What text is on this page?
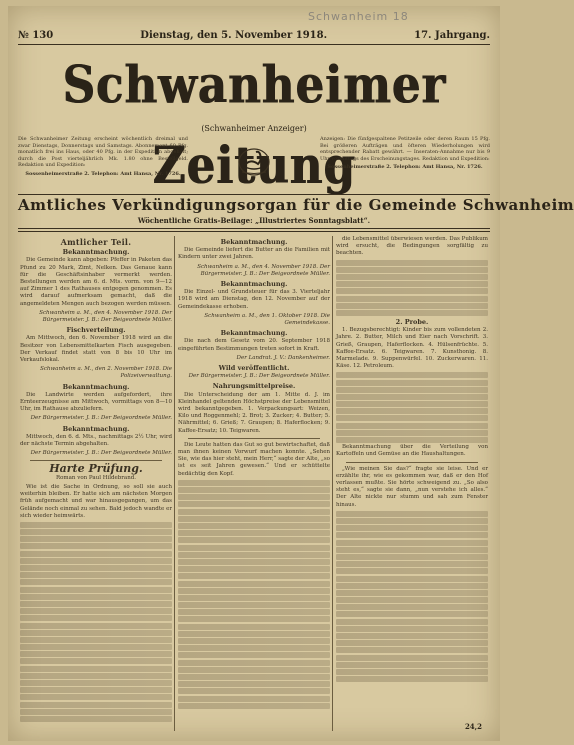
Schwanheim 18
№ 130	Dienstag, den 5. November 1918.	17. Jahrgang.
Schwanheimer Zeitung
(Schwanheimer Anzeiger)
Die Schwanheimer Zeitung erscheint wöchentlich dreimal und zwar Dienstags, Donnerstags und Samstags. Abonnement 60 Pfg. monatlich frei ins Haus, oder 40 Pfg. in der Expedition abgeholt; durch die Post vierteljährlich Mk. 1.80 ohne Bestellgeld. Redaktion und Expedition:
Sossenheimerstraße 2. Telephon: Amt Hansa, Nr. 1726.
Anzeigen: Die fünfgespaltene Petitzeile oder deren Raum 15 Pfg. Bei größeren Aufträgen und öfteren Wiederholungen wird entsprechender Rabatt gewährt. — Inseraten-Annahme nur bis 9 Uhr vormittags des Erscheinungstages. Redaktion und Expedition:
Sossenheimerstraße 2. Telephon: Amt Hansa, Nr. 1726.
Amtliches Verkündigungsorgan für die Gemeinde Schwanheim
Wöchentliche Gratis-Beilage: „Illustriertes Sonntagsblatt“.
Amtlicher Teil.
Bekanntmachung.

Die Gemeinde kann abgeben: Pfeffer in Paketen das Pfund zu 20 Mark, Zimt, Nelken. Das Genaue kann für die Geschäftsinhaber vermerkt werden. Bestellungen werden am 6. d. Mts. vorm. von 9—12 auf Zimmer 1 des Rathauses entgegen genommen. Es wird darauf aufmerksam gemacht, daß die angemeldeten Mengen auch bezogen werden müssen.

Schwanheim a. M., den 4. November 1918. Der Bürgermeister. J. B.: Der Beigeordnete Müller.
Fischverteilung.

Am Mittwoch, den 6. November 1918 wird an die Besitzer von Lebensmittelkarten Fisch ausgegeben. Der Verkauf findet statt von 8 bis 10 Uhr im Verkaufslokal.

Schwanheim a. M., den 2. November 1918. Die Polizeiverwaltung.
Bekanntmachung.

Die Landwirte werden aufgefordert, ihre Ernteerzeugnisse am Mittwoch, vormittags von 8—10 Uhr, im Rathause abzuliefern.

Der Bürgermeister. J. B.: Der Beigeordnete Müller.
Bekanntmachung.

Mittwoch, den 6. d. Mts., nachmittags 2½ Uhr, wird der nächste Termin abgehalten.

Der Bürgermeister. J. B.: Der Beigeordnete Müller.
Harte Prüfung.
Roman von Paul Hildebrand.

Wie ist die Sache in Ordnung, so soll sie auch weiterhin bleiben. Er hatte sich am nächsten Morgen früh aufgemacht und war hinausgegangen, um das Gelände noch einmal zu sehen. Bald jedoch wandte er sich wieder heimwärts.

Bekanntmachung.

Die Gemeinde liefert die Butter an die Familien mit Kindern unter zwei Jahren.

Schwanheim a. M., den 4. November 1918. Der Bürgermeister. J. B.: Der Beigeordnete Müller.
Bekanntmachung.

Die Einzel- und Grundsteuer für das 3. Vierteljahr 1918 wird am Dienstag, den 12. November auf der Gemeindekasse erhoben.

Schwanheim a. M., den 1. Oktober 1918. Die Gemeindekasse.
Bekanntmachung.

Die nach dem Gesetz vom 20. September 1918 eingeführten Bestimmungen treten sofort in Kraft.

Der Landrat. J. V.: Dankenheimer.
Wild veröffentlicht.
Der Bürgermeister. J. B.: Der Beigeordnete Müller.
Nahrungsmittelpreise.

Die Unterscheidung der am 1. Mitte d. J. im Kleinhandel geltenden Höchstpreise der Lebensmittel wird bekanntgegeben. 1. Verpackungsart: Weizen, Kilo und Roggenmehl; 2. Brot; 3. Zucker; 4. Butter; 5. Nährmittel; 6. Grieß; 7. Graupen; 8. Haferflocken; 9. Kaffee-Ersatz; 10. Teigwaren.

Die Leute hatten das Gut so gut bewirtschaftet, daß man ihnen keinen Vorwurf machen konnte. „Sehen Sie, wie das hier steht, mein Herr,“ sagte der Alte, „so ist es seit Jahren gewesen.“ Und er schüttelte bedächtig den Kopf.

die Lebensmittel überwiesen werden. Das Publikum wird ersucht, die Bedingungen sorgfältig zu beachten.

2. Probe.

1. Bezugsberechtigt: Kinder bis zum vollendeten 2. Jahre. 2. Butter, Milch und Eier nach Vorschrift. 3. Grieß, Graupen, Haferflocken. 4. Hülsenfrüchte. 5. Kaffee-Ersatz. 6. Teigwaren. 7. Kunsthonig. 8. Marmelade. 9. Suppenwürfel. 10. Zuckerwaren. 11. Käse. 12. Petroleum.

Bekanntmachung über die Verteilung von Kartoffeln und Gemüse an die Haushaltungen.

„Wie meinen Sie das?“ fragte sie leise. Und er erzählte ihr, wie es gekommen war, daß er den Hof verlassen mußte. Sie hörte schweigend zu. „So also steht es,“ sagte sie dann, „nun verstehe ich alles.“ Der Alte nickte nur stumm und sah zum Fenster hinaus.

24,2
